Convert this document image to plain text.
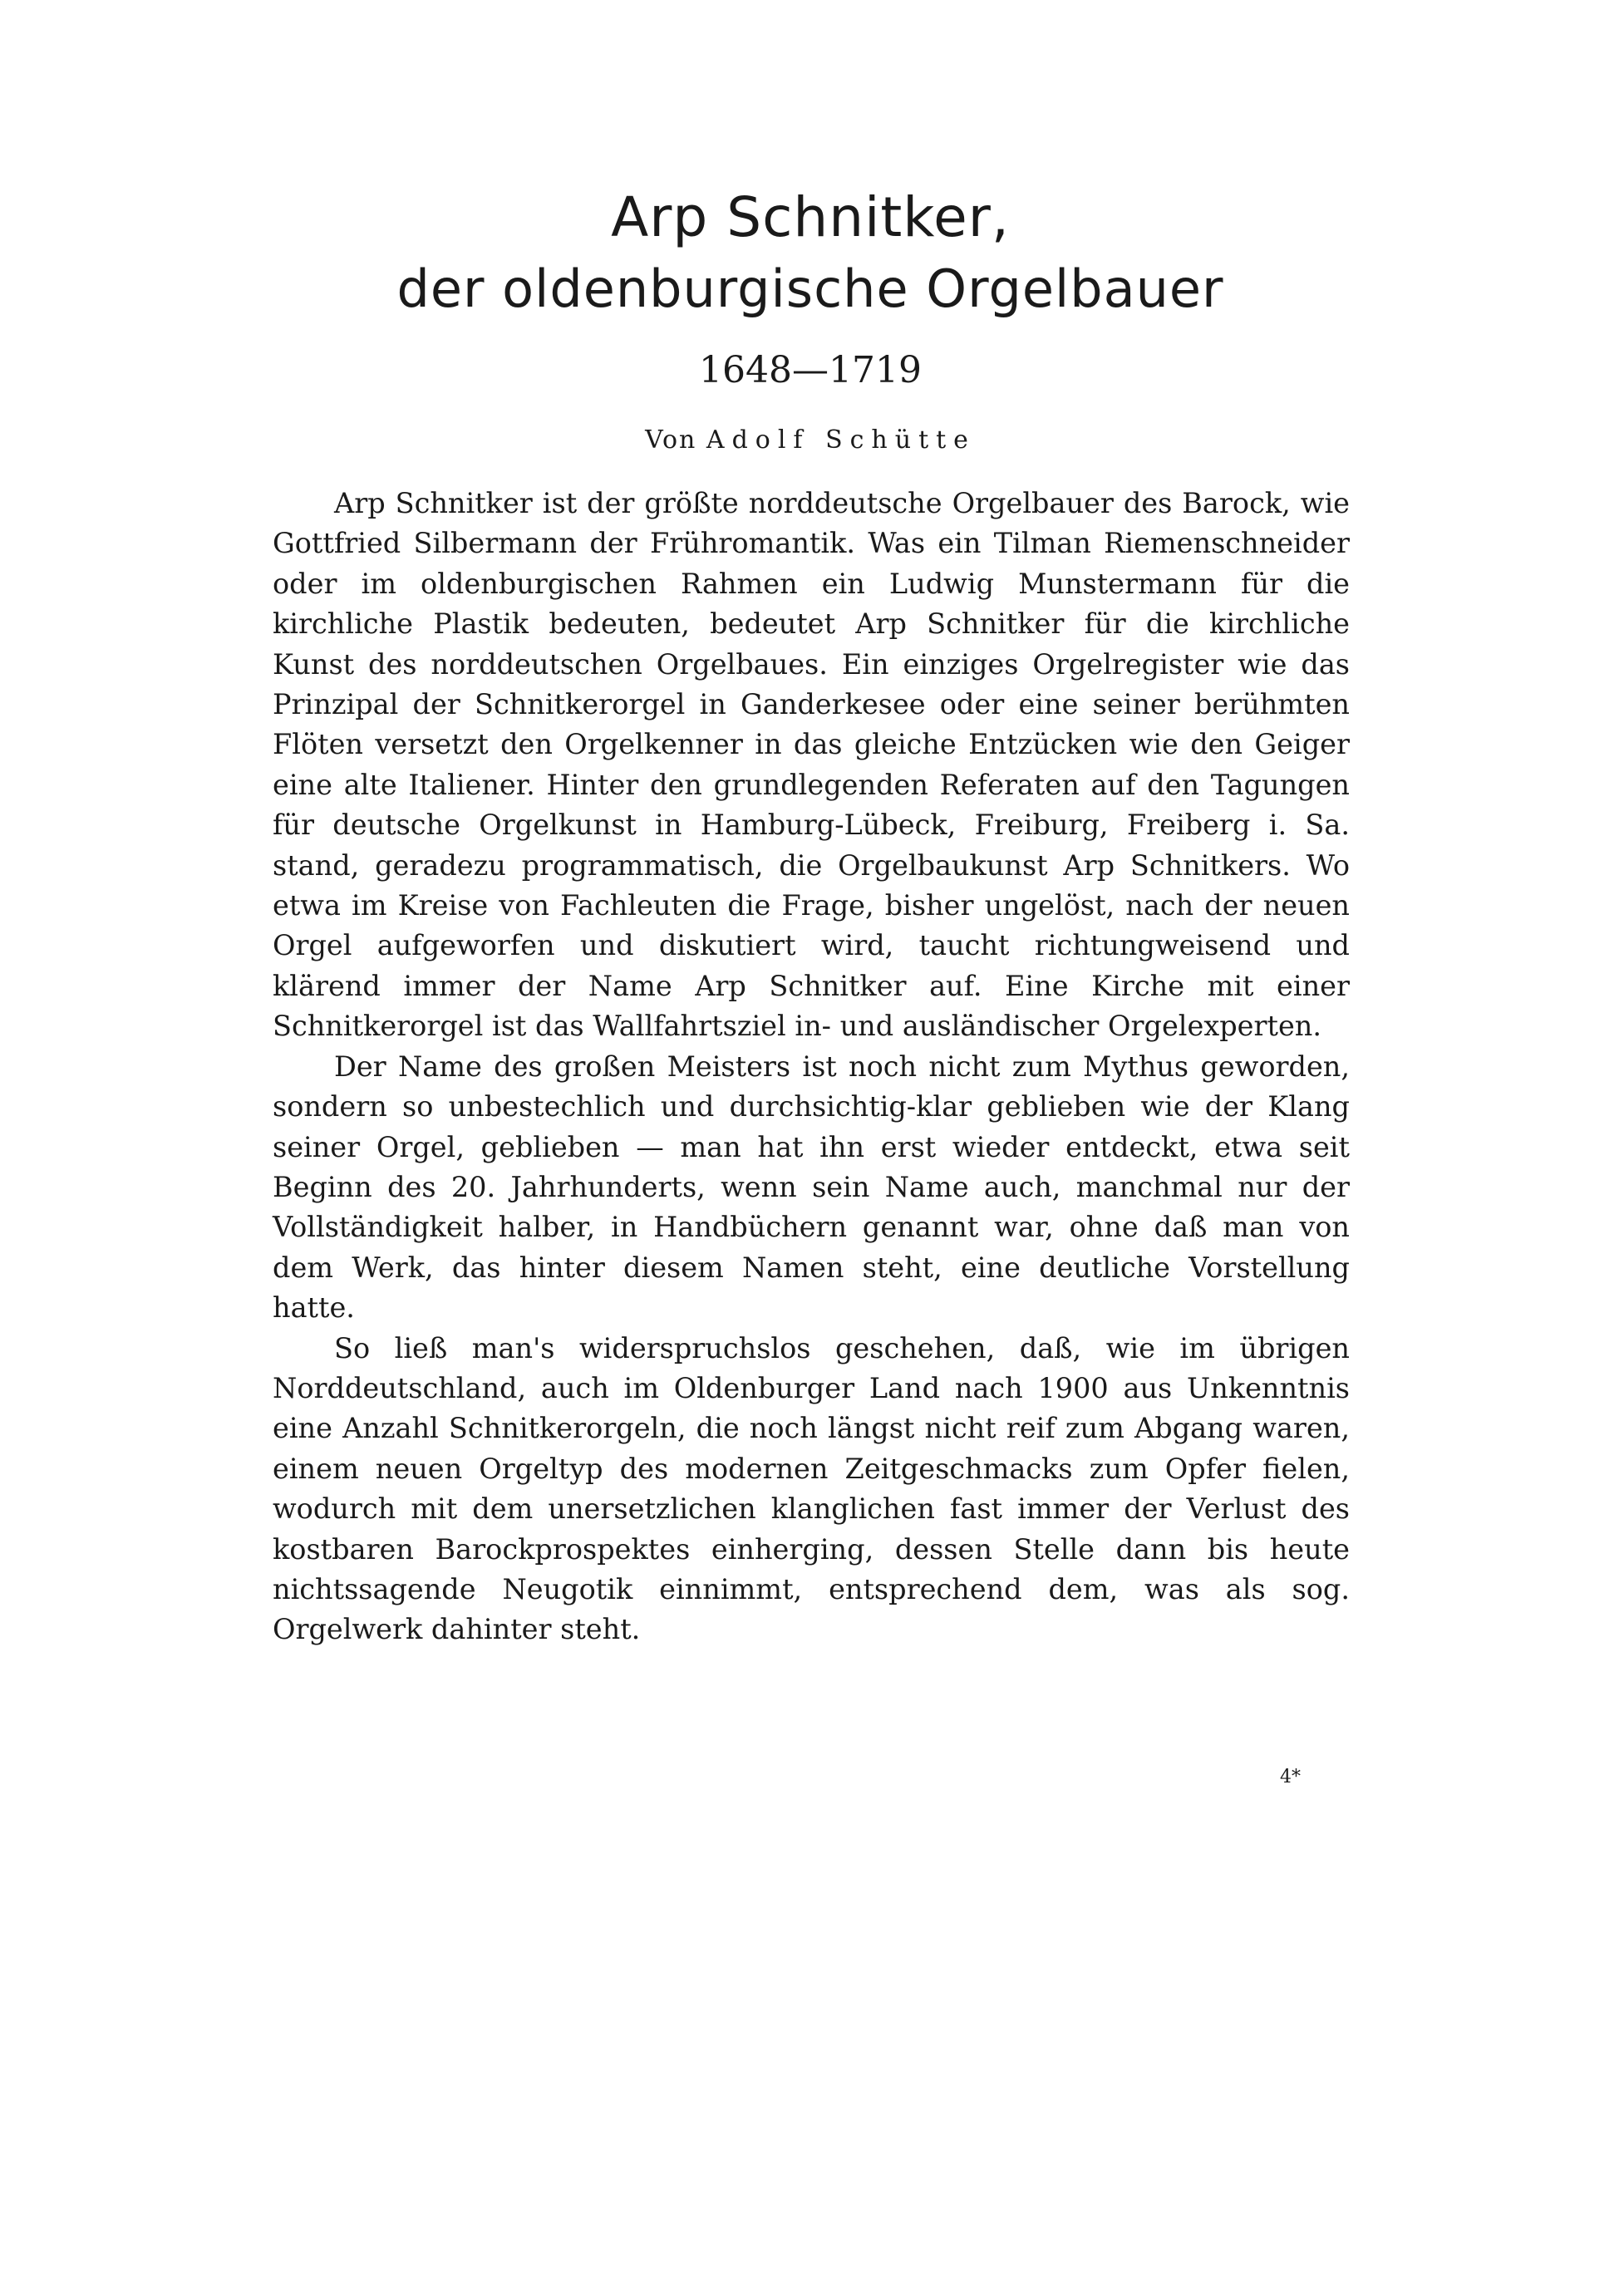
Arp Schnitker,
der oldenburgische Orgelbauer
1648—1719
Von Adolf Schütte

Arp Schnitker ist der größte norddeutsche Orgelbauer des Barock, wie Gottfried Silbermann der Frühromantik. Was ein Tilman Riemenschneider oder im oldenburgischen Rahmen ein Ludwig Munstermann für die kirchliche Plastik bedeuten, bedeutet Arp Schnitker für die kirchliche Kunst des norddeutschen Orgelbaues. Ein einziges Orgelregister wie das Prinzipal der Schnitkerorgel in Ganderkesee oder eine seiner berühmten Flöten versetzt den Orgelkenner in das gleiche Entzücken wie den Geiger eine alte Italiener. Hinter den grundlegenden Referaten auf den Tagungen für deutsche Orgelkunst in Hamburg-Lübeck, Freiburg, Freiberg i. Sa. stand, geradezu programmatisch, die Orgelbaukunst Arp Schnitkers. Wo etwa im Kreise von Fachleuten die Frage, bisher ungelöst, nach der neuen Orgel aufgeworfen und diskutiert wird, taucht richtungweisend und klärend immer der Name Arp Schnitker auf. Eine Kirche mit einer Schnitkerorgel ist das Wallfahrtsziel in- und ausländischer Orgelexperten.

Der Name des großen Meisters ist noch nicht zum Mythus geworden, sondern so unbestechlich und durchsichtig-klar geblieben wie der Klang seiner Orgel, geblieben — man hat ihn erst wieder entdeckt, etwa seit Beginn des 20. Jahrhunderts, wenn sein Name auch, manchmal nur der Vollständigkeit halber, in Handbüchern genannt war, ohne daß man von dem Werk, das hinter diesem Namen steht, eine deutliche Vorstellung hatte.

So ließ man's widerspruchslos geschehen, daß, wie im übrigen Norddeutschland, auch im Oldenburger Land nach 1900 aus Unkenntnis eine Anzahl Schnitkerorgeln, die noch längst nicht reif zum Abgang waren, einem neuen Orgeltyp des modernen Zeitgeschmacks zum Opfer fielen, wodurch mit dem unersetzlichen klanglichen fast immer der Verlust des kostbaren Barockprospektes einherging, dessen Stelle dann bis heute nichtssagende Neugotik einnimmt, entsprechend dem, was als sog. Orgelwerk dahinter steht.

4*
